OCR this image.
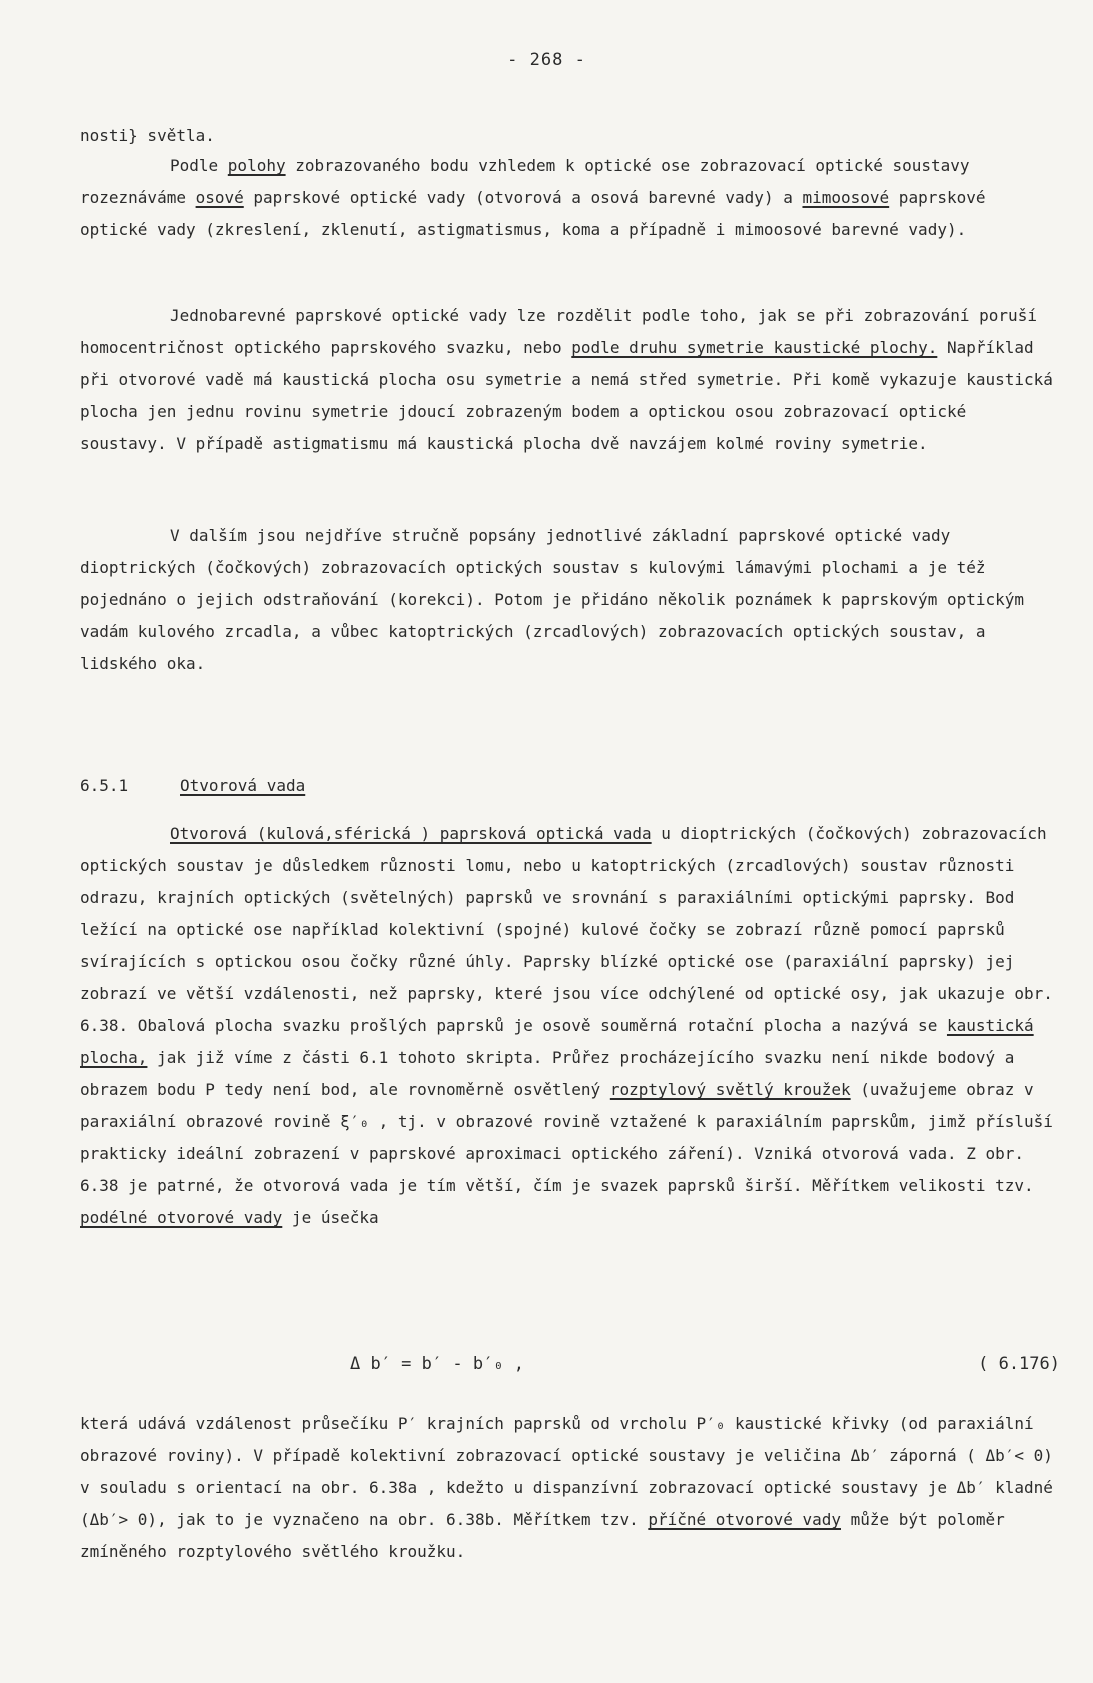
- 268 -

nosti} světla.

Podle polohy zobrazovaného bodu vzhledem k optické ose zobrazovací optické soustavy rozeznáváme osové paprskové optické vady (otvorová a osová barevné vady) a mimoosové paprskové optické vady (zkreslení, zklenutí, astigmatismus, koma a případně i mimoosové barevné vady).

Jednobarevné paprskové optické vady lze rozdělit podle toho, jak se při zobrazování poruší homocentričnost optického paprskového svazku, nebo podle druhu symetrie kaustické plochy. Například při otvorové vadě má kaustická plocha osu symetrie a nemá střed symetrie. Při komě vykazuje kaustická plocha jen jednu rovinu symetrie jdoucí zobrazeným bodem a optickou osou zobrazovací optické soustavy. V případě astigmatismu má kaustická plocha dvě navzájem kolmé roviny symetrie.

V dalším jsou nejdříve stručně popsány jednotlivé základní paprskové optické vady dioptrických (čočkových) zobrazovacích optických soustav s kulovými lámavými plochami a je též pojednáno o jejich odstraňování (korekci). Potom je přidáno několik poznámek k paprskovým optickým vadám kulového zrcadla, a vůbec katoptrických (zrcadlových) zobrazovacích optických soustav, a lidského oka.

6.5.1	Otvorová vada

Otvorová (kulová,sférická ) paprsková optická vada u dioptrických (čočkových) zobrazovacích optických soustav je důsledkem různosti lomu, nebo u katoptrických (zrcadlových) soustav různosti odrazu, krajních optických (světelných) paprsků ve srovnání s paraxiálními optickými paprsky. Bod ležící na optické ose například kolektivní (spojné) kulové čočky se zobrazí různě pomocí paprsků svírajících s optickou osou čočky různé úhly. Paprsky blízké optické ose (paraxiální paprsky) jej zobrazí ve větší vzdálenosti, než paprsky, které jsou více odchýlené od optické osy, jak ukazuje obr. 6.38. Obalová plocha svazku prošlých paprsků je osově souměrná rotační plocha a nazývá se kaustická plocha, jak již víme z části 6.1 tohoto skripta. Průřez procházejícího svazku není nikde bodový a obrazem bodu P tedy není bod, ale rovnoměrně osvětlený rozptylový světlý kroužek (uvažujeme obraz v paraxiální obrazové rovině ξ′₀ , tj. v obrazové rovině vztažené k paraxiálním paprskům, jimž přísluší prakticky ideální zobrazení v paprskové aproximaci optického záření). Vzniká otvorová vada. Z obr. 6.38 je patrné, že otvorová vada je tím větší, čím je svazek paprsků širší. Měřítkem velikosti tzv. podélné otvorové vady je úsečka

Δ b′ = b′ - b′₀ ,	( 6.176)

která udává vzdálenost průsečíku P′ krajních paprsků od vrcholu P′₀ kaustické křivky (od paraxiální obrazové roviny). V případě kolektivní zobrazovací optické soustavy je veličina Δb′ záporná ( Δb′< 0) v souladu s orientací na obr. 6.38a , kdežto u dispanzívní zobrazovací optické soustavy je Δb′ kladné (Δb′> 0), jak to je vyznačeno na obr. 6.38b. Měřítkem tzv. příčné otvorové vady může být poloměr zmíněného rozptylového světlého kroužku.
